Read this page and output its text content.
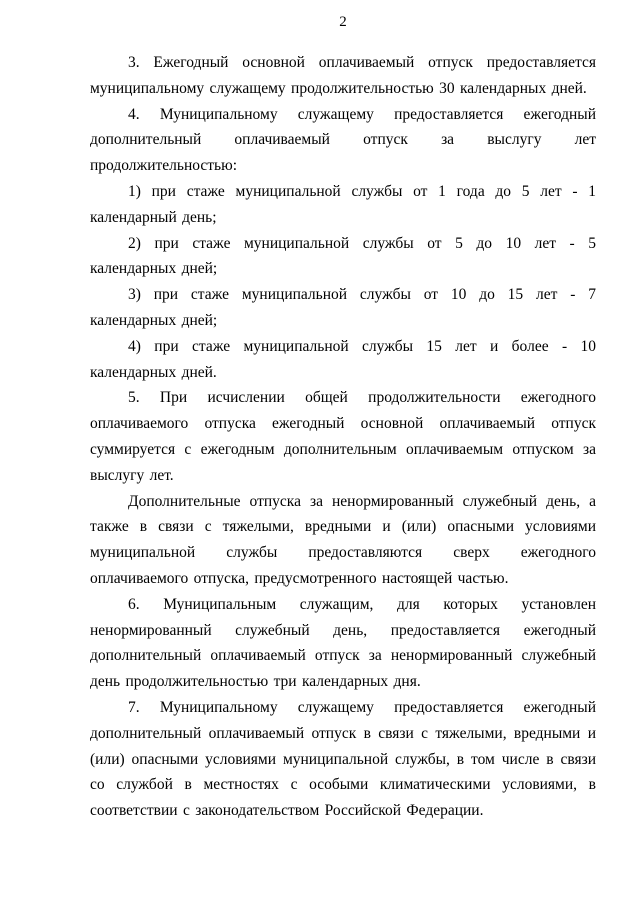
2

3. Ежегодный основной оплачиваемый отпуск предоставляется муниципальному служащему продолжительностью 30 календарных дней.

4. Муниципальному служащему предоставляется ежегодный дополнительный оплачиваемый отпуск за выслугу лет продолжительностью:

1) при стаже муниципальной службы от 1 года до 5 лет - 1 календарный день;

2) при стаже муниципальной службы от 5 до 10 лет - 5 календарных дней;

3) при стаже муниципальной службы от 10 до 15 лет - 7 календарных дней;

4) при стаже муниципальной службы 15 лет и более - 10 календарных дней.

5. При исчислении общей продолжительности ежегодного оплачиваемого отпуска ежегодный основной оплачиваемый отпуск суммируется с ежегодным дополнительным оплачиваемым отпуском за выслугу лет.

Дополнительные отпуска за ненормированный служебный день, а также в связи с тяжелыми, вредными и (или) опасными условиями муниципальной службы предоставляются сверх ежегодного оплачиваемого отпуска, предусмотренного настоящей частью.

6. Муниципальным служащим, для которых установлен ненормированный служебный день, предоставляется ежегодный дополнительный оплачиваемый отпуск за ненормированный служебный день продолжительностью три календарных дня.

7. Муниципальному служащему предоставляется ежегодный дополнительный оплачиваемый отпуск в связи с тяжелыми, вредными и (или) опасными условиями муниципальной службы, в том числе в связи со службой в местностях с особыми климатическими условиями, в соответствии с законодательством Российской Федерации.
